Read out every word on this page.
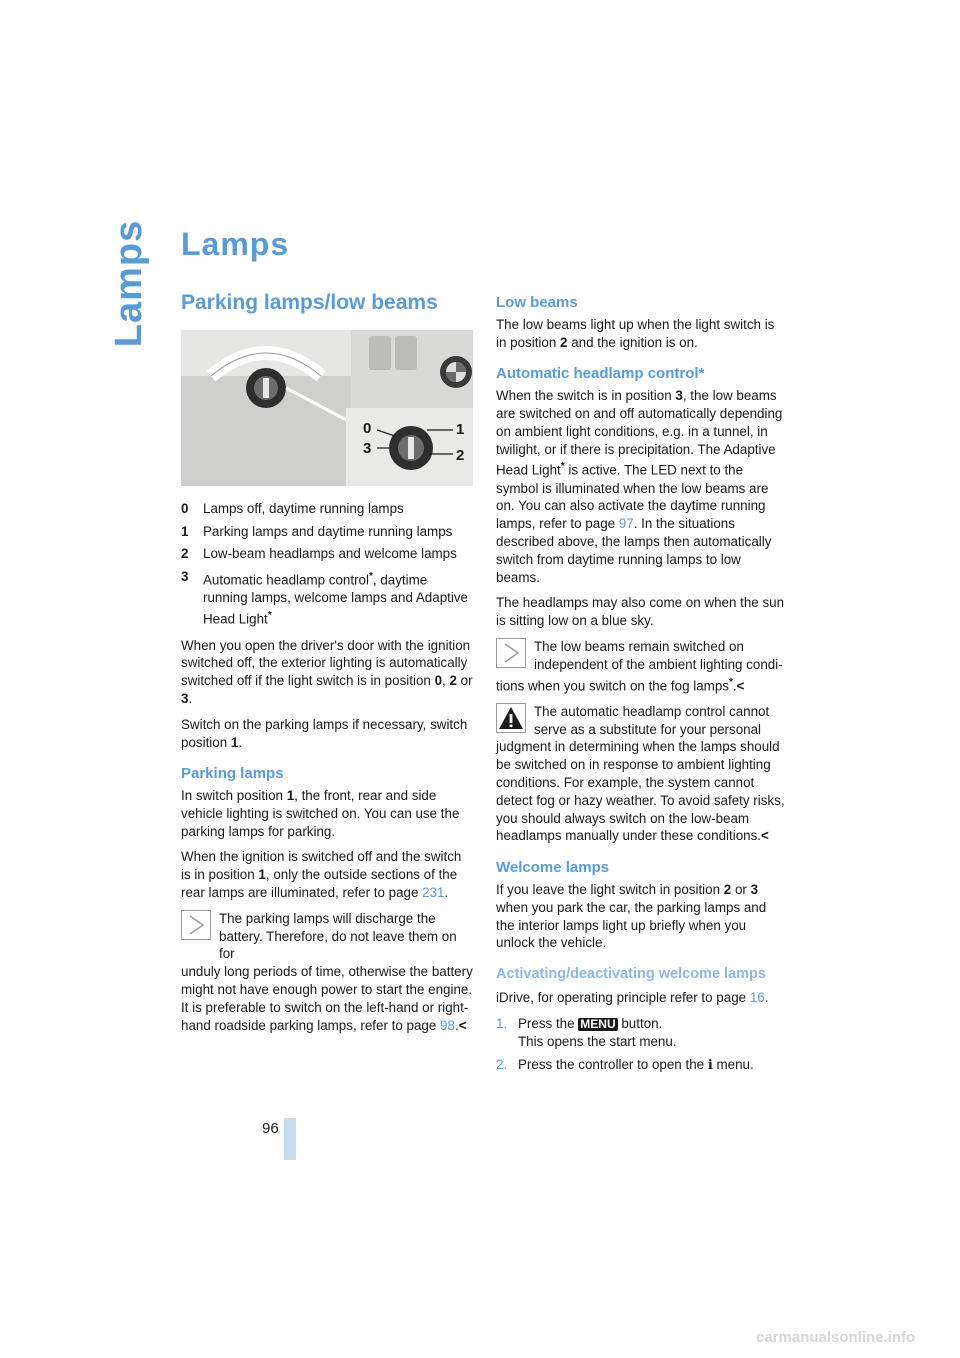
Lamps Lamps
Parking lamps/low beams
0	1
2
3
0	Lamps off, daytime running lamps
1	Parking lamps and daytime running lamps
2	Low-beam headlamps and welcome lamps
3	Automatic headlamp control*, daytime running lamps, welcome lamps and Adaptive Head Light*

When you open the driver's door with the ignition switched off, the exterior lighting is automatically switched off if the light switch is in position 0, 2 or 3.

Switch on the parking lamps if necessary, switch position 1.

Parking lamps

In switch position 1, the front, rear and side vehicle lighting is switched on. You can use the parking lamps for parking.

When the ignition is switched off and the switch is in position 1, only the outside sections of the rear lamps are illuminated, refer to page 231.

The parking lamps will discharge the battery. Therefore, do not leave them on for
unduly long periods of time, otherwise the battery might not have enough power to start the engine. It is preferable to switch on the left-hand or right-hand roadside parking lamps, refer to page 98.<

Low beams

The low beams light up when the light switch is in position 2 and the ignition is on.

Automatic headlamp control*

When the switch is in position 3, the low beams are switched on and off automatically depending on ambient light conditions, e.g. in a tunnel, in twilight, or if there is precipitation. The Adaptive Head Light* is active. The LED next to the symbol is illuminated when the low beams are on. You can also activate the daytime running lamps, refer to page 97. In the situations described above, the lamps then automatically switch from daytime running lamps to low beams.

The headlamps may also come on when the sun is sitting low on a blue sky.

The low beams remain switched on independent of the ambient lighting condi-
tions when you switch on the fog lamps*.<

The automatic headlamp control cannot serve as a substitute for your personal
judgment in determining when the lamps should be switched on in response to ambient lighting conditions. For example, the system cannot detect fog or hazy weather. To avoid safety risks, you should always switch on the low-beam headlamps manually under these conditions.<

Welcome lamps

If you leave the light switch in position 2 or 3 when you park the car, the parking lamps and the interior lamps light up briefly when you unlock the vehicle.

Activating/deactivating welcome lamps

iDrive, for operating principle refer to page 16.

1. Press the MENU button.
This opens the start menu.
2. Press the controller to open the i menu.
96
carmanualsonline.info
